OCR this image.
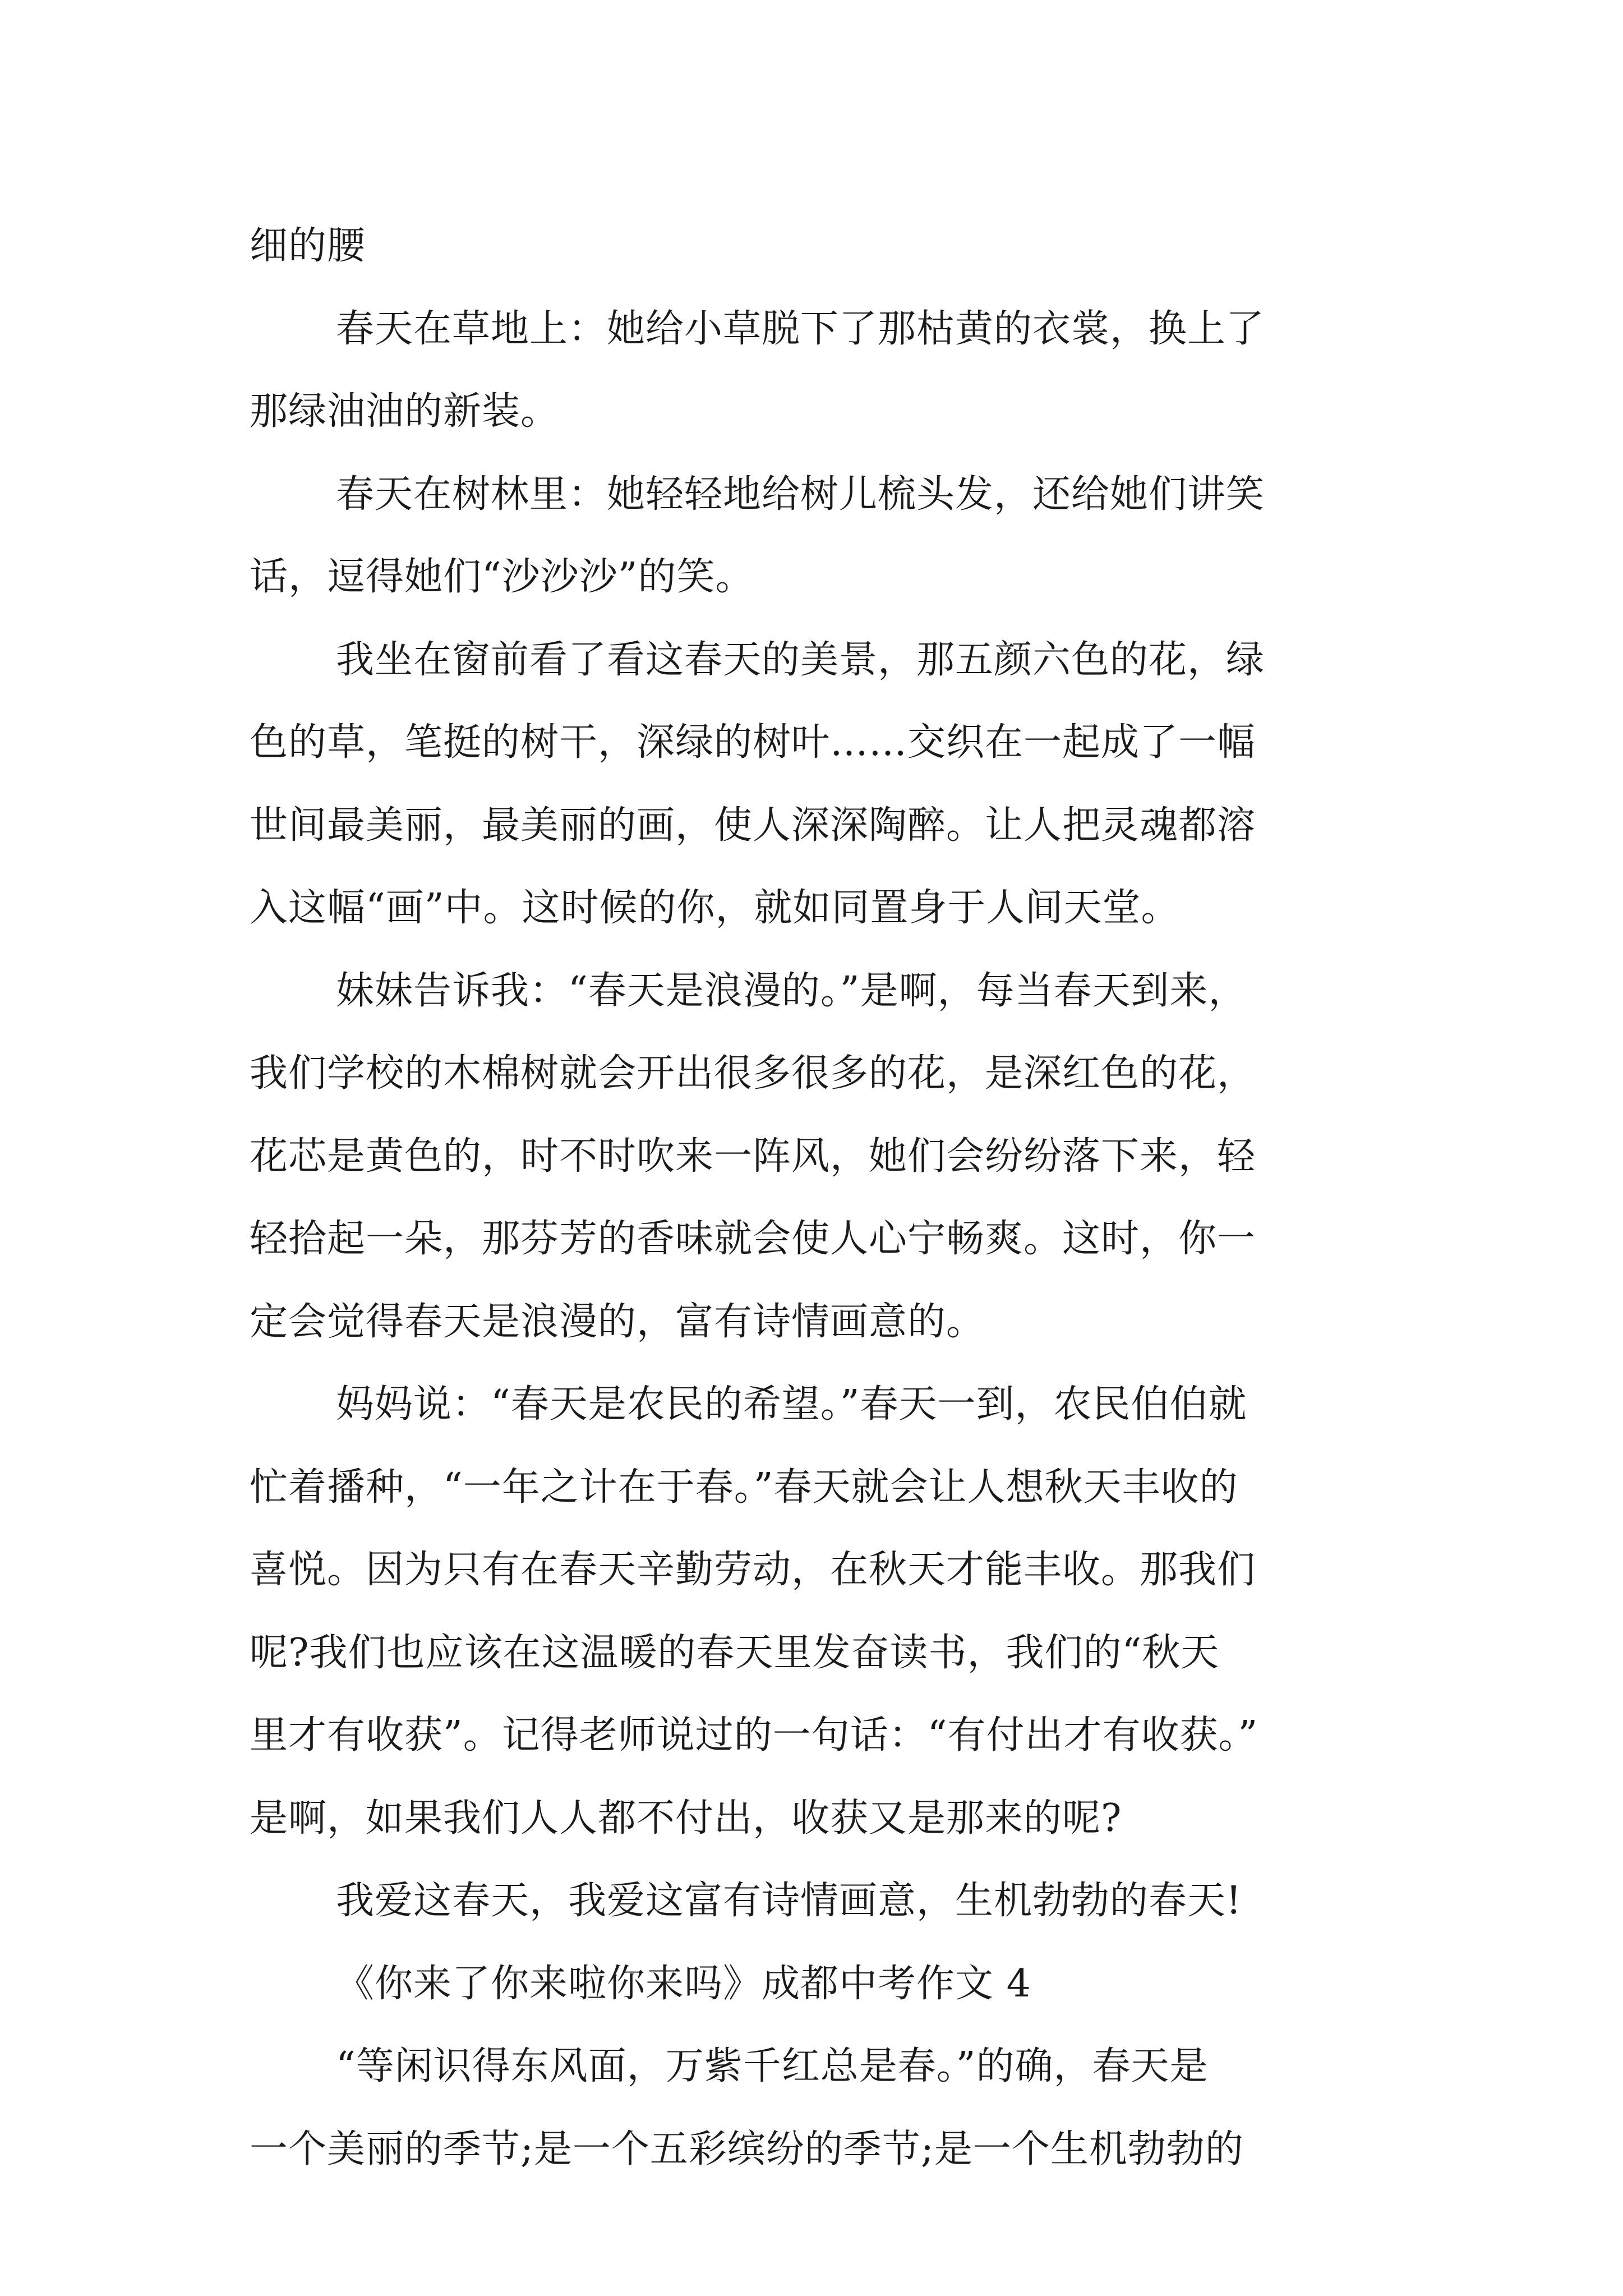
细的腰
春天在草地上：她给小草脱下了那枯黄的衣裳，换上了
那绿油油的新装。
春天在树林里：她轻轻地给树儿梳头发，还给她们讲笑
话，逗得她们“沙沙沙”的笑。
我坐在窗前看了看这春天的美景，那五颜六色的花，绿
色的草，笔挺的树干，深绿的树叶……交织在一起成了一幅
世间最美丽，最美丽的画，使人深深陶醉。让人把灵魂都溶
入这幅“画”中。这时候的你，就如同置身于人间天堂。
妹妹告诉我：“春天是浪漫的。”是啊，每当春天到来，
我们学校的木棉树就会开出很多很多的花，是深红色的花，
花芯是黄色的，时不时吹来一阵风，她们会纷纷落下来，轻
轻拾起一朵，那芬芳的香味就会使人心宁畅爽。这时，你一
定会觉得春天是浪漫的，富有诗情画意的。
妈妈说：“春天是农民的希望。”春天一到，农民伯伯就
忙着播种，“一年之计在于春。”春天就会让人想秋天丰收的
喜悦。因为只有在春天辛勤劳动，在秋天才能丰收。那我们
呢?我们也应该在这温暖的春天里发奋读书，我们的“秋天
里才有收获”。记得老师说过的一句话：“有付出才有收获。”
是啊，如果我们人人都不付出，收获又是那来的呢?
我爱这春天，我爱这富有诗情画意，生机勃勃的春天!
《你来了你来啦你来吗》成都中考作文 4
“等闲识得东风面，万紫千红总是春。”的确，春天是
一个美丽的季节;是一个五彩缤纷的季节;是一个生机勃勃的
